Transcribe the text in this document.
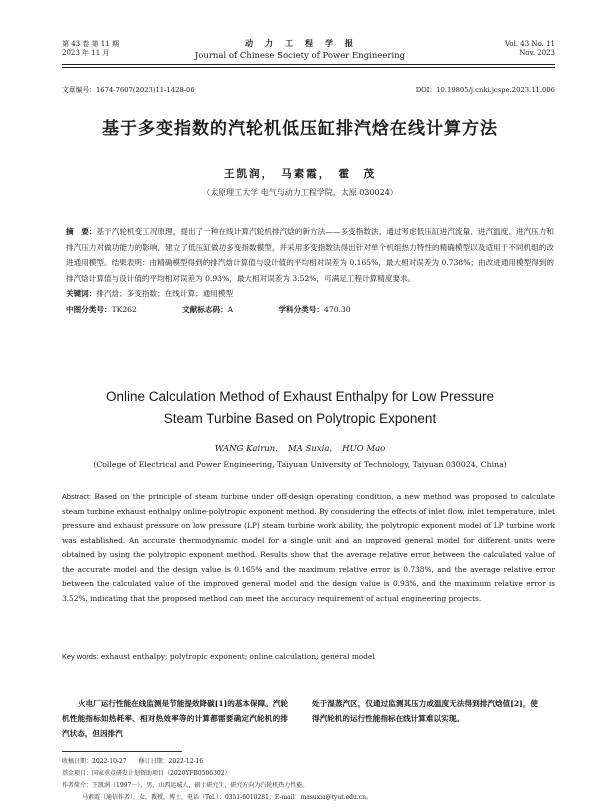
第 43 卷 第 11 期
2023 年 11 月
动　力　工　程　学　报
Journal of Chinese Society of Power Engineering
Vol. 43 No. 11
Nov. 2023
文章编号：1674-7607(2023)11-1428-06	DOI：10.19805/j.cnki.jcspe.2023.11.006
基于多变指数的汽轮机低压缸排汽焓在线计算方法
王凯润，　马素霞，　霍　茂
（太原理工大学 电气与动力工程学院，太原 030024）
摘　要：基于汽轮机变工况原理，提出了一种在线计算汽轮机排汽焓的新方法——多变指数法。通过考虑低压缸进汽流量、进汽温度、进汽压力和排汽压力对做功能力的影响，建立了低压缸做功多变指数模型，并采用多变指数法得出针对单个机组热力特性的精确模型以及适用于不同机组的改进通用模型。结果表明：由精确模型得到的排汽焓计算值与设计值的平均相对误差为 0.165%，最大相对误差为 0.738%；由改进通用模型得到的排汽焓计算值与设计值的平均相对误差为 0.93%，最大相对误差为 3.52%，可满足工程计算精度要求。
关键词：排汽焓；多变指数；在线计算；通用模型
中图分类号：TK262	文献标志码：A	学科分类号：470.30
Online Calculation Method of Exhaust Enthalpy for Low Pressure
Steam Turbine Based on Polytropic Exponent
WANG Kairun，　MA Suxia，　HUO Mao
(College of Electrical and Power Engineering, Taiyuan University of Technology, Taiyuan 030024, China)
Abstract: Based on the principle of steam turbine under off-design operating condition, a new method was proposed to calculate steam turbine exhaust enthalpy online-polytropic exponent method. By considering the effects of inlet flow, inlet temperature, inlet pressure and exhaust pressure on low pressure (LP) steam turbine work ability, the polytropic exponent model of LP turbine work was established. An accurate thermodynamic model for a single unit and an improved general model for different units were obtained by using the polytropic exponent method. Results show that the average relative error between the calculated value of the accurate model and the design value is 0.165% and the maximum relative error is 0.738%, and the average relative error between the calculated value of the improved general model and the design value is 0.93%, and the maximum relative error is 3.52%, indicating that the proposed method can meet the accuracy requirement of actual engineering projects.
Key words: exhaust enthalpy; polytropic exponent; online calculation; general model
火电厂运行性能在线监测是节能提效降碳[1]的基本保障。汽轮机性能指标如热耗率、相对热效率等的计算都需要确定汽轮机的排汽状态，但因排汽
处于湿蒸汽区，仅通过监测其压力或温度无法得到排汽焓值[2]，使得汽轮机的运行性能指标在线计算难以实现。
收稿日期：2022-10-27　　修订日期：2022-12-16
基金项目：国家重点研发计划资助项目（2020YFB0506302）
作者简介：王凯润（1997－），男，山西运城人，硕士研究生，研究方向为汽轮机热力性能。
马素霞（通信作者），女，教授，博士，电话（Tel.）：0351-6010281；E-mail：masuxia@tyut.edu.cn。
